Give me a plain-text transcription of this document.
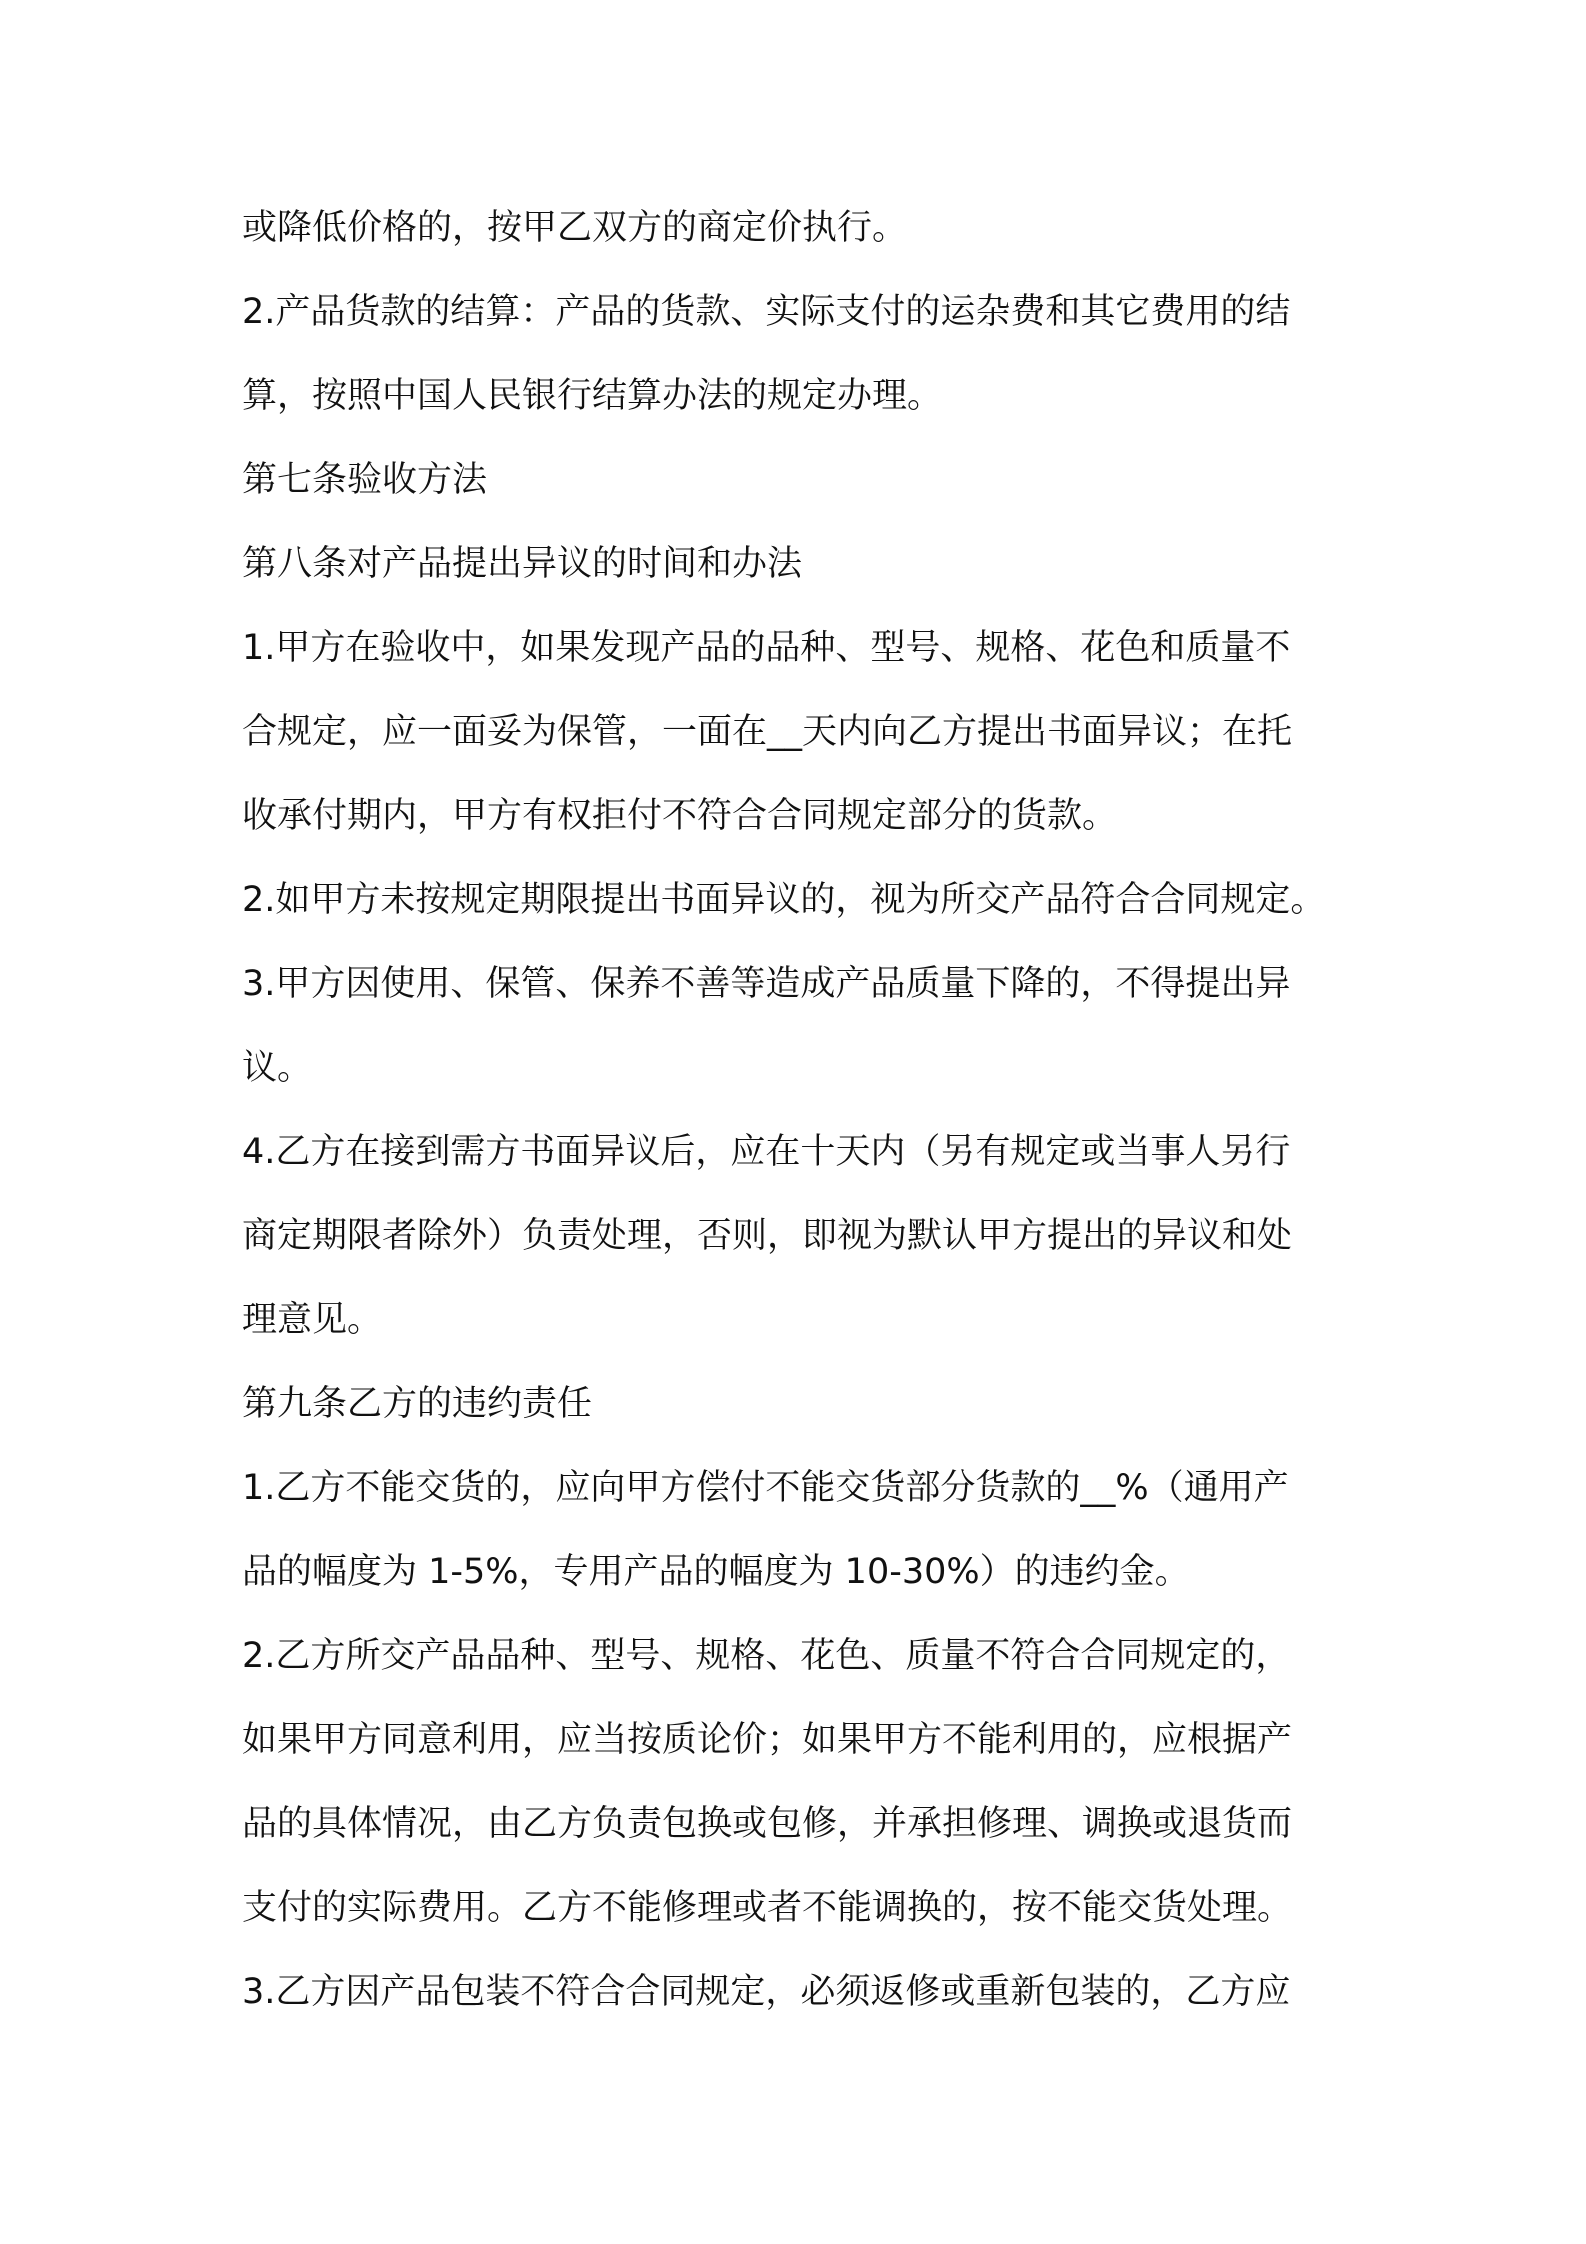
或降低价格的，按甲乙双方的商定价执行。
2.产品货款的结算：产品的货款、实际支付的运杂费和其它费用的结
算，按照中国人民银行结算办法的规定办理。
第七条验收方法
第八条对产品提出异议的时间和办法
1.甲方在验收中，如果发现产品的品种、型号、规格、花色和质量不
合规定，应一面妥为保管，一面在__天内向乙方提出书面异议；在托
收承付期内，甲方有权拒付不符合合同规定部分的货款。
2.如甲方未按规定期限提出书面异议的，视为所交产品符合合同规定。
3.甲方因使用、保管、保养不善等造成产品质量下降的，不得提出异
议。
4.乙方在接到需方书面异议后，应在十天内（另有规定或当事人另行
商定期限者除外）负责处理，否则，即视为默认甲方提出的异议和处
理意见。
第九条乙方的违约责任
1.乙方不能交货的，应向甲方偿付不能交货部分货款的__%（通用产
品的幅度为 1-5%，专用产品的幅度为 10-30%）的违约金。
2.乙方所交产品品种、型号、规格、花色、质量不符合合同规定的，
如果甲方同意利用，应当按质论价；如果甲方不能利用的，应根据产
品的具体情况，由乙方负责包换或包修，并承担修理、调换或退货而
支付的实际费用。乙方不能修理或者不能调换的，按不能交货处理。
3.乙方因产品包装不符合合同规定，必须返修或重新包装的，乙方应
